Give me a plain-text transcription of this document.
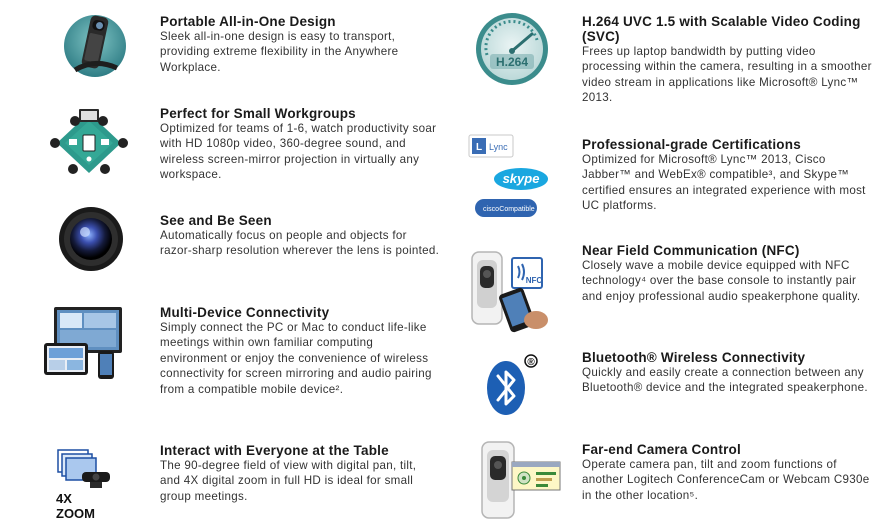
Portable All-in-One Design
Sleek all-in-one design is easy to transport, providing extreme flexibility in the Anywhere Workplace.
Perfect for Small Workgroups
Optimized for teams of 1-6, watch productivity soar with HD 1080p video, 360-degree sound, and wireless screen-mirror projection in virtually any workspace.
See and Be Seen
Automatically focus on people and objects for razor-sharp resolution wherever the lens is pointed.
Multi-Device Connectivity
Simply connect the PC or Mac to conduct life-like meetings within own familiar computing environment or enjoy the convenience of wireless connectivity for screen mirroring and audio pairing from a compatible mobile device².
4X
ZOOM
Interact with Everyone at the Table
The 90-degree field of view with digital pan, tilt, and 4X digital zoom in full HD is ideal for small group meetings.
H.264
H.264 UVC 1.5 with Scalable Video Coding (SVC)
Frees up laptop bandwidth by putting video processing within the camera, resulting in a smoother video stream in applications like Microsoft® Lync™ 2013.
L Lync
skype
cisco Compatible
Professional-grade Certifications
Optimized for Microsoft® Lync™ 2013, Cisco Jabber™ and WebEx® compatible³, and Skype™ certified ensures an integrated experience with most UC platforms.
NFC
Near Field Communication (NFC)
Closely wave a mobile device equipped with NFC technology⁴ over the base console to instantly pair and enjoy professional audio speakerphone quality.
®	Bluetooth® Wireless Connectivity
Quickly and easily create a connection between any Bluetooth® device and the integrated speakerphone.
Far-end Camera Control
Operate camera pan, tilt and zoom functions of another Logitech ConferenceCam or Webcam C930e in the other location⁵.
